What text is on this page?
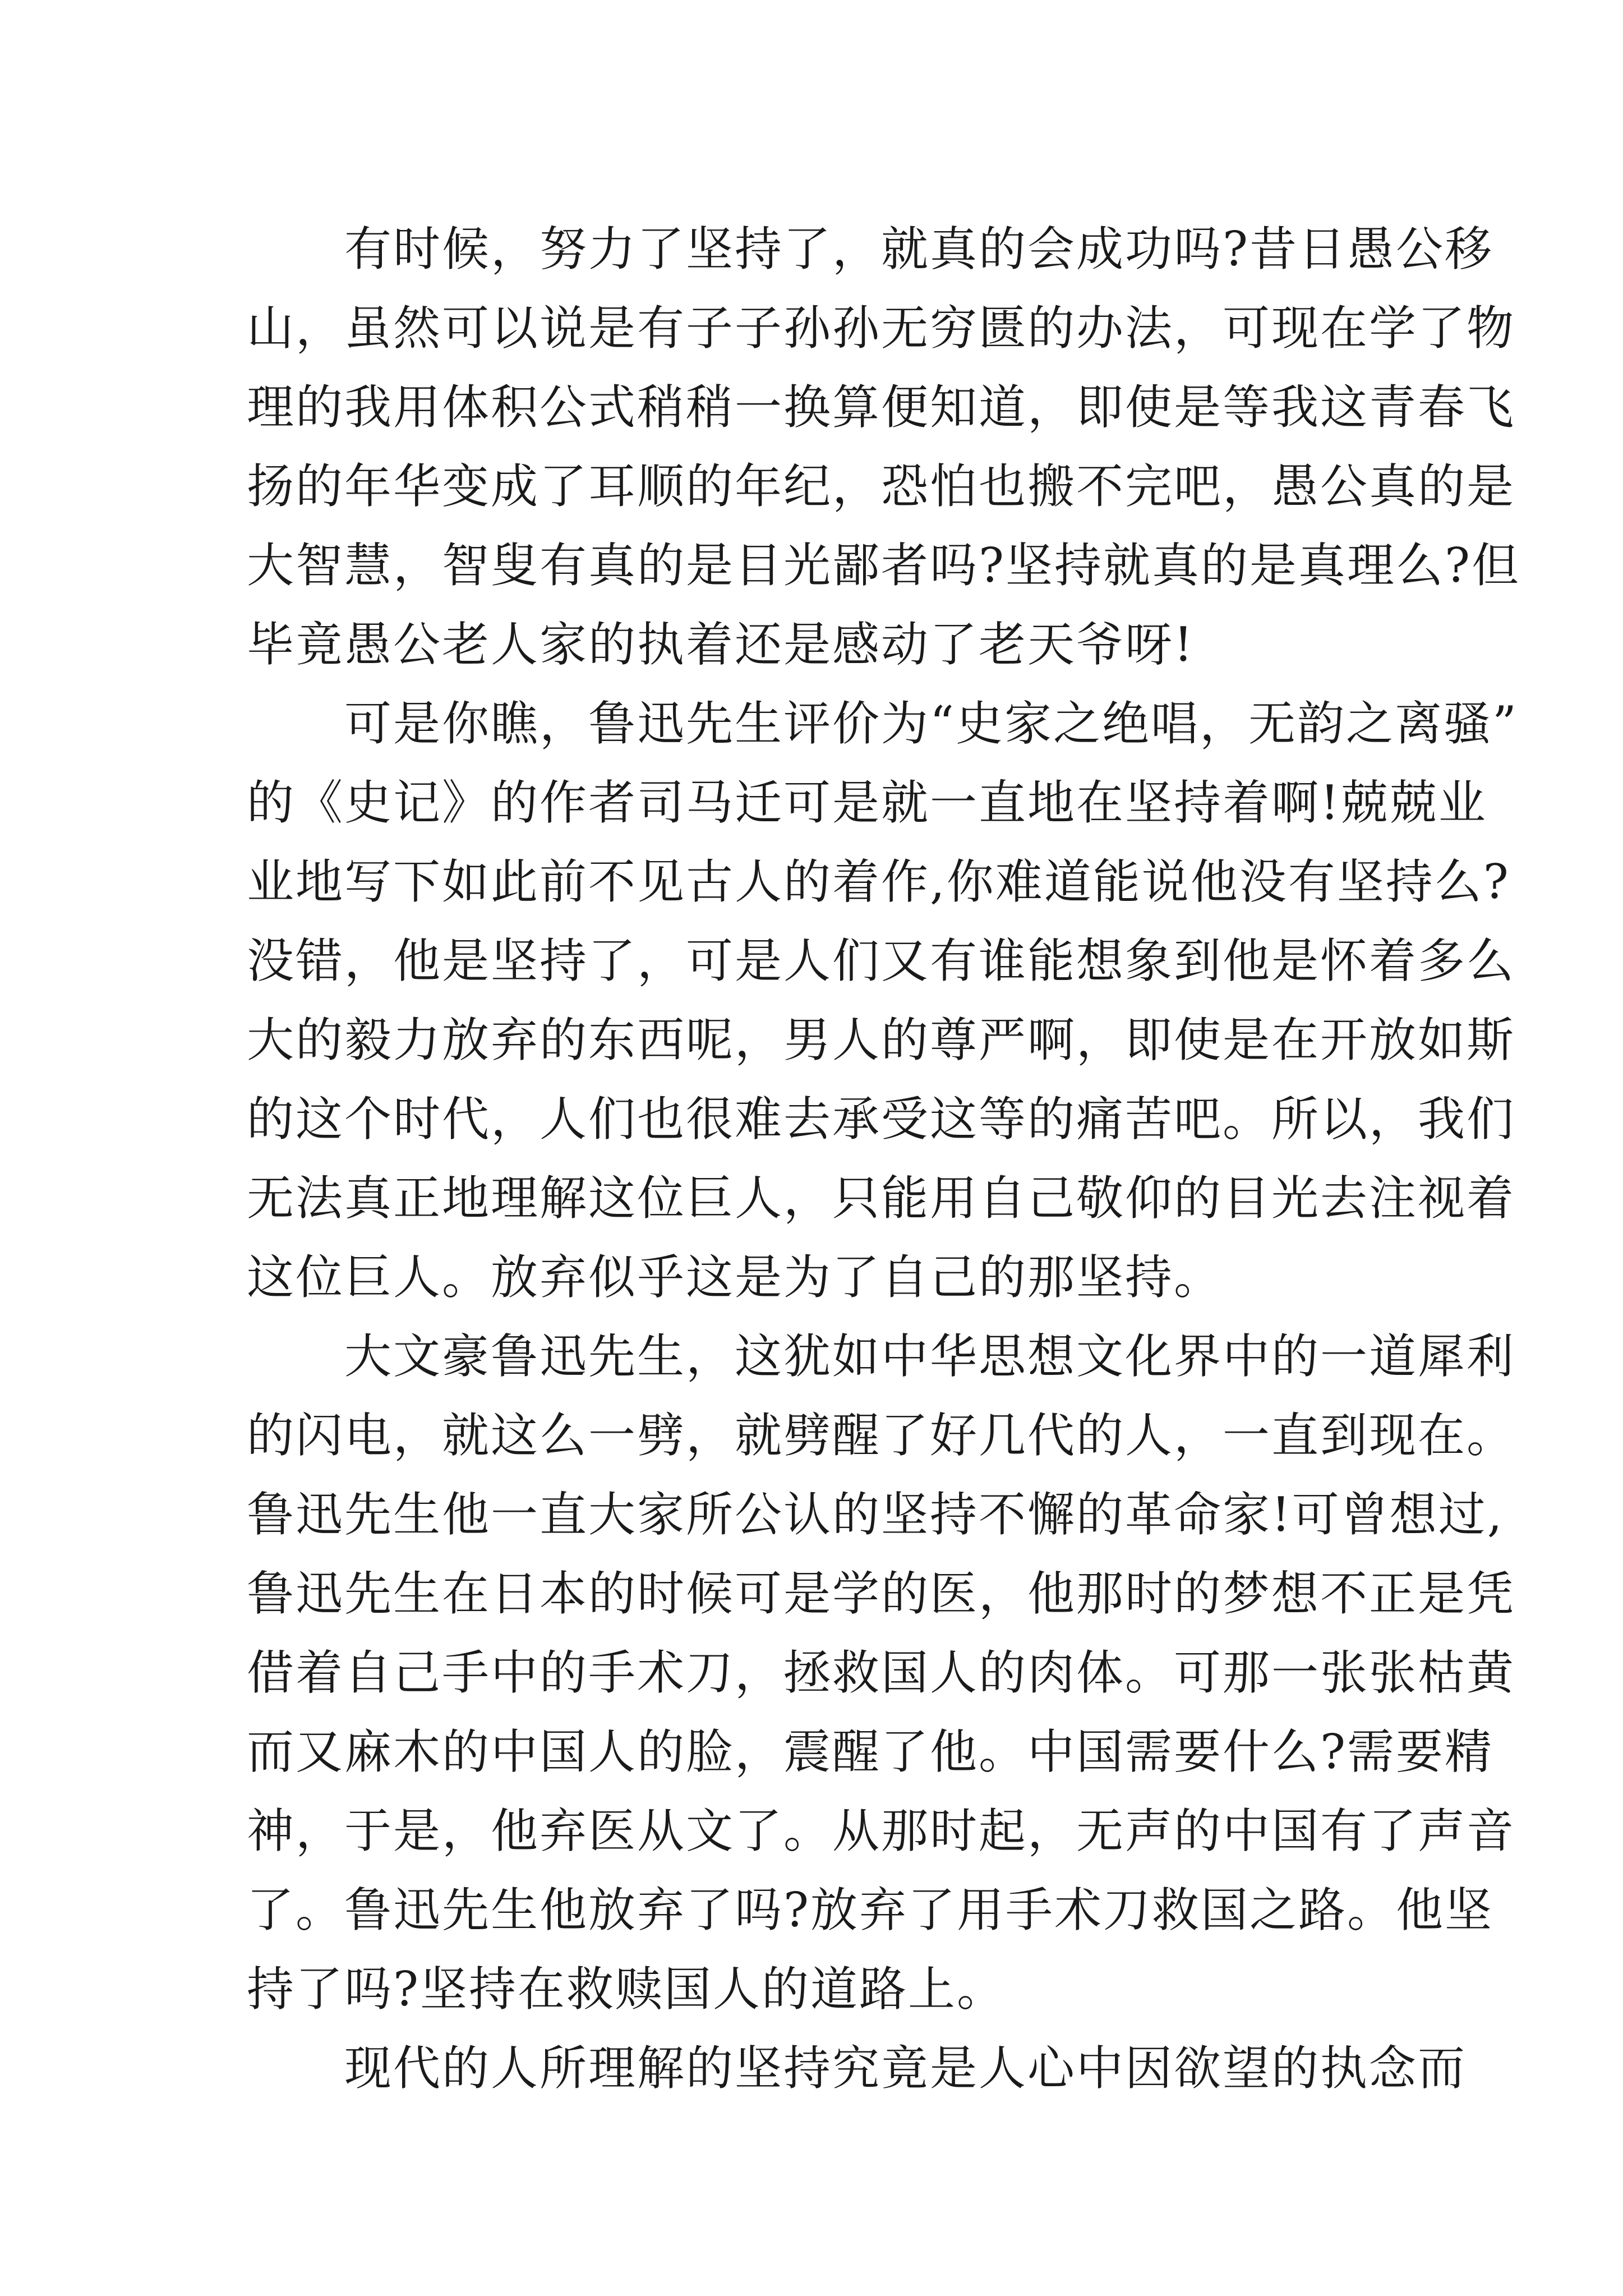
　　有时候，努力了坚持了，就真的会成功吗?昔日愚公移
山，虽然可以说是有子子孙孙无穷匮的办法，可现在学了物
理的我用体积公式稍稍一换算便知道，即使是等我这青春飞
扬的年华变成了耳顺的年纪，恐怕也搬不完吧，愚公真的是
大智慧，智叟有真的是目光鄙者吗?坚持就真的是真理么?但
毕竟愚公老人家的执着还是感动了老天爷呀!
　　可是你瞧，鲁迅先生评价为“史家之绝唱，无韵之离骚”
的《史记》的作者司马迁可是就一直地在坚持着啊!兢兢业
业地写下如此前不见古人的着作,你难道能说他没有坚持么?
没错，他是坚持了，可是人们又有谁能想象到他是怀着多么
大的毅力放弃的东西呢，男人的尊严啊，即使是在开放如斯
的这个时代，人们也很难去承受这等的痛苦吧。所以，我们
无法真正地理解这位巨人，只能用自己敬仰的目光去注视着
这位巨人。放弃似乎这是为了自己的那坚持。
　　大文豪鲁迅先生，这犹如中华思想文化界中的一道犀利
的闪电，就这么一劈，就劈醒了好几代的人，一直到现在。
鲁迅先生他一直大家所公认的坚持不懈的革命家!可曾想过,
鲁迅先生在日本的时候可是学的医，他那时的梦想不正是凭
借着自己手中的手术刀，拯救国人的肉体。可那一张张枯黄
而又麻木的中国人的脸，震醒了他。中国需要什么?需要精
神，于是，他弃医从文了。从那时起，无声的中国有了声音
了。鲁迅先生他放弃了吗?放弃了用手术刀救国之路。他坚
持了吗?坚持在救赎国人的道路上。
　　现代的人所理解的坚持究竟是人心中因欲望的执念而
